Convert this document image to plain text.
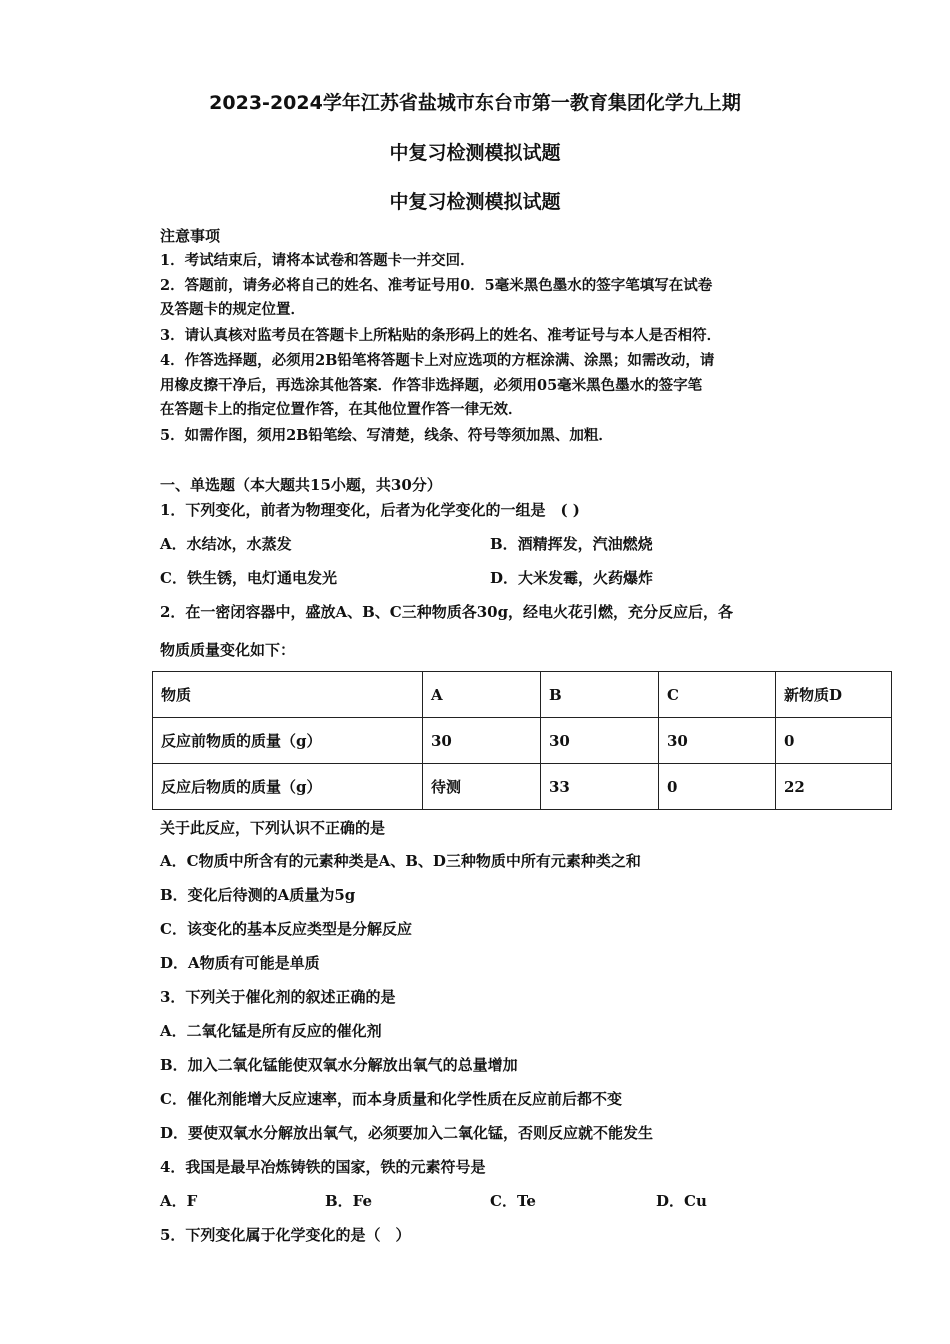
2023-2024学年江苏省盐城市东台市第一教育集团化学九上期
中复习检测模拟试题
中复习检测模拟试题
注意事项
1．考试结束后，请将本试卷和答题卡一并交回．
2．答题前，请务必将自己的姓名、准考证号用0．5毫米黑色墨水的签字笔填写在试卷
及答题卡的规定位置．
3．请认真核对监考员在答题卡上所粘贴的条形码上的姓名、准考证号与本人是否相符．
4．作答选择题，必须用2B铅笔将答题卡上对应选项的方框涂满、涂黑；如需改动，请
用橡皮擦干净后，再选涂其他答案．作答非选择题，必须用05毫米黑色墨水的签字笔
在答题卡上的指定位置作答，在其他位置作答一律无效．
5．如需作图，须用2B铅笔绘、写清楚，线条、符号等须加黑、加粗．
一、单选题（本大题共15小题，共30分）
1．下列变化，前者为物理变化，后者为化学变化的一组是　( )
A．水结冰，水蒸发	B．酒精挥发，汽油燃烧
C．铁生锈，电灯通电发光	D．大米发霉，火药爆炸
2．在一密闭容器中，盛放A、B、C三种物质各30g，经电火花引燃，充分反应后，各
物质质量变化如下：
物质	A	B	C	新物质D
反应前物质的质量（g）	30	30	30	0
反应后物质的质量（g）	待测	33	0	22
关于此反应，下列认识不正确的是
A．C物质中所含有的元素种类是A、B、D三种物质中所有元素种类之和
B．变化后待测的A质量为5g
C．该变化的基本反应类型是分解反应
D．A物质有可能是单质
3．下列关于催化剂的叙述正确的是
A．二氧化锰是所有反应的催化剂
B．加入二氧化锰能使双氧水分解放出氧气的总量增加
C．催化剂能增大反应速率，而本身质量和化学性质在反应前后都不变
D．要使双氧水分解放出氧气，必须要加入二氧化锰，否则反应就不能发生
4．我国是最早冶炼铸铁的国家，铁的元素符号是
A．F	B．Fe	C．Te	D．Cu
5．下列变化属于化学变化的是（　）
